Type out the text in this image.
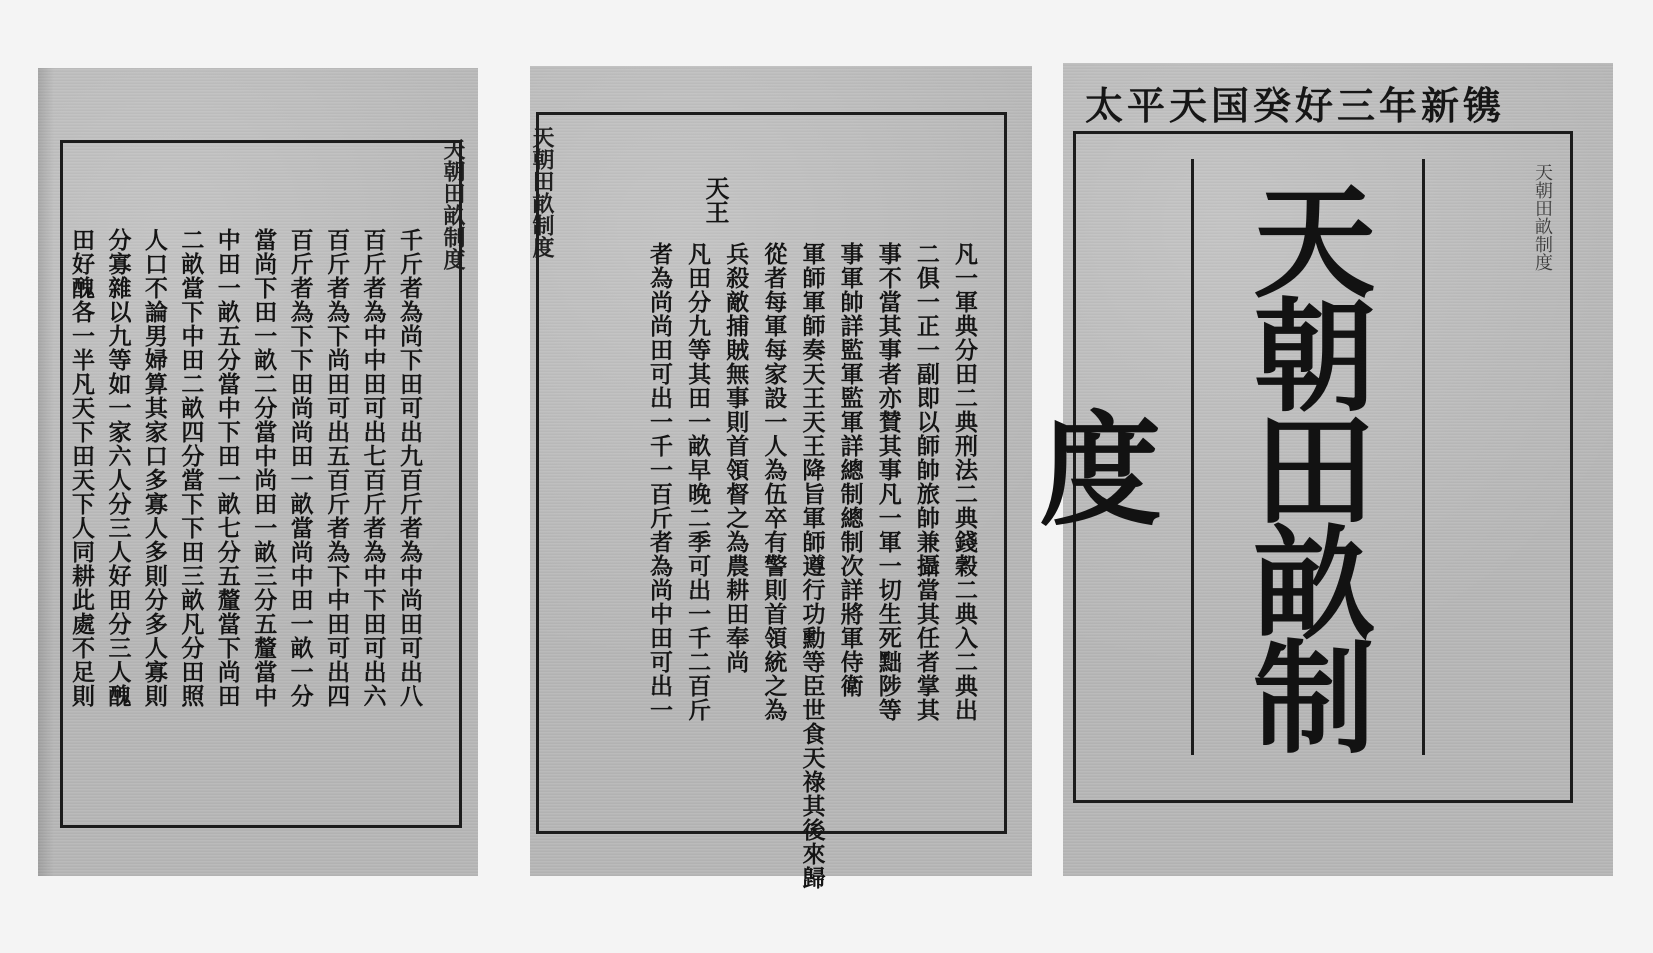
天朝田畝制度
千斤者為尚下田可出九百斤者為中尚田可出八
百斤者為中中田可出七百斤者為中下田可出六
百斤者為下尚田可出五百斤者為下中田可出四
百斤者為下下田尚尚田一畝當尚中田一畝一分
當尚下田一畝二分當中尚田一畝三分五釐當中
中田一畝五分當中下田一畝七分五釐當下尚田
二畝當下中田二畝四分當下下田三畝凡分田照
人口不論男婦算其家口多寡人多則分多人寡則
分寡雜以九等如一家六人分三人好田分三人醜
田好醜各一半凡天下田天下人同耕此處不足則
天朝田畝制度	天王
凡一軍典分田二典刑法二典錢穀二典入二典出
二俱一正一副即以師帥旅帥兼攝當其任者掌其
事不當其事者亦賛其事凡一軍一切生死黜陟等
事軍帥詳監軍監軍詳總制總制次詳將軍侍衛
軍師軍師奏天王天王降旨軍師遵行功勳等臣世食天祿其後來歸
從者每軍每家設一人為伍卒有警則首領統之為
兵殺敵捕賊無事則首領督之為農耕田奉尚
凡田分九等其田一畝早晚二季可出一千二百斤
者為尚尚田可出一千一百斤者為尚中田可出一
太平天国癸好三年新镌
天朝田畝制度
天朝田畝制度
